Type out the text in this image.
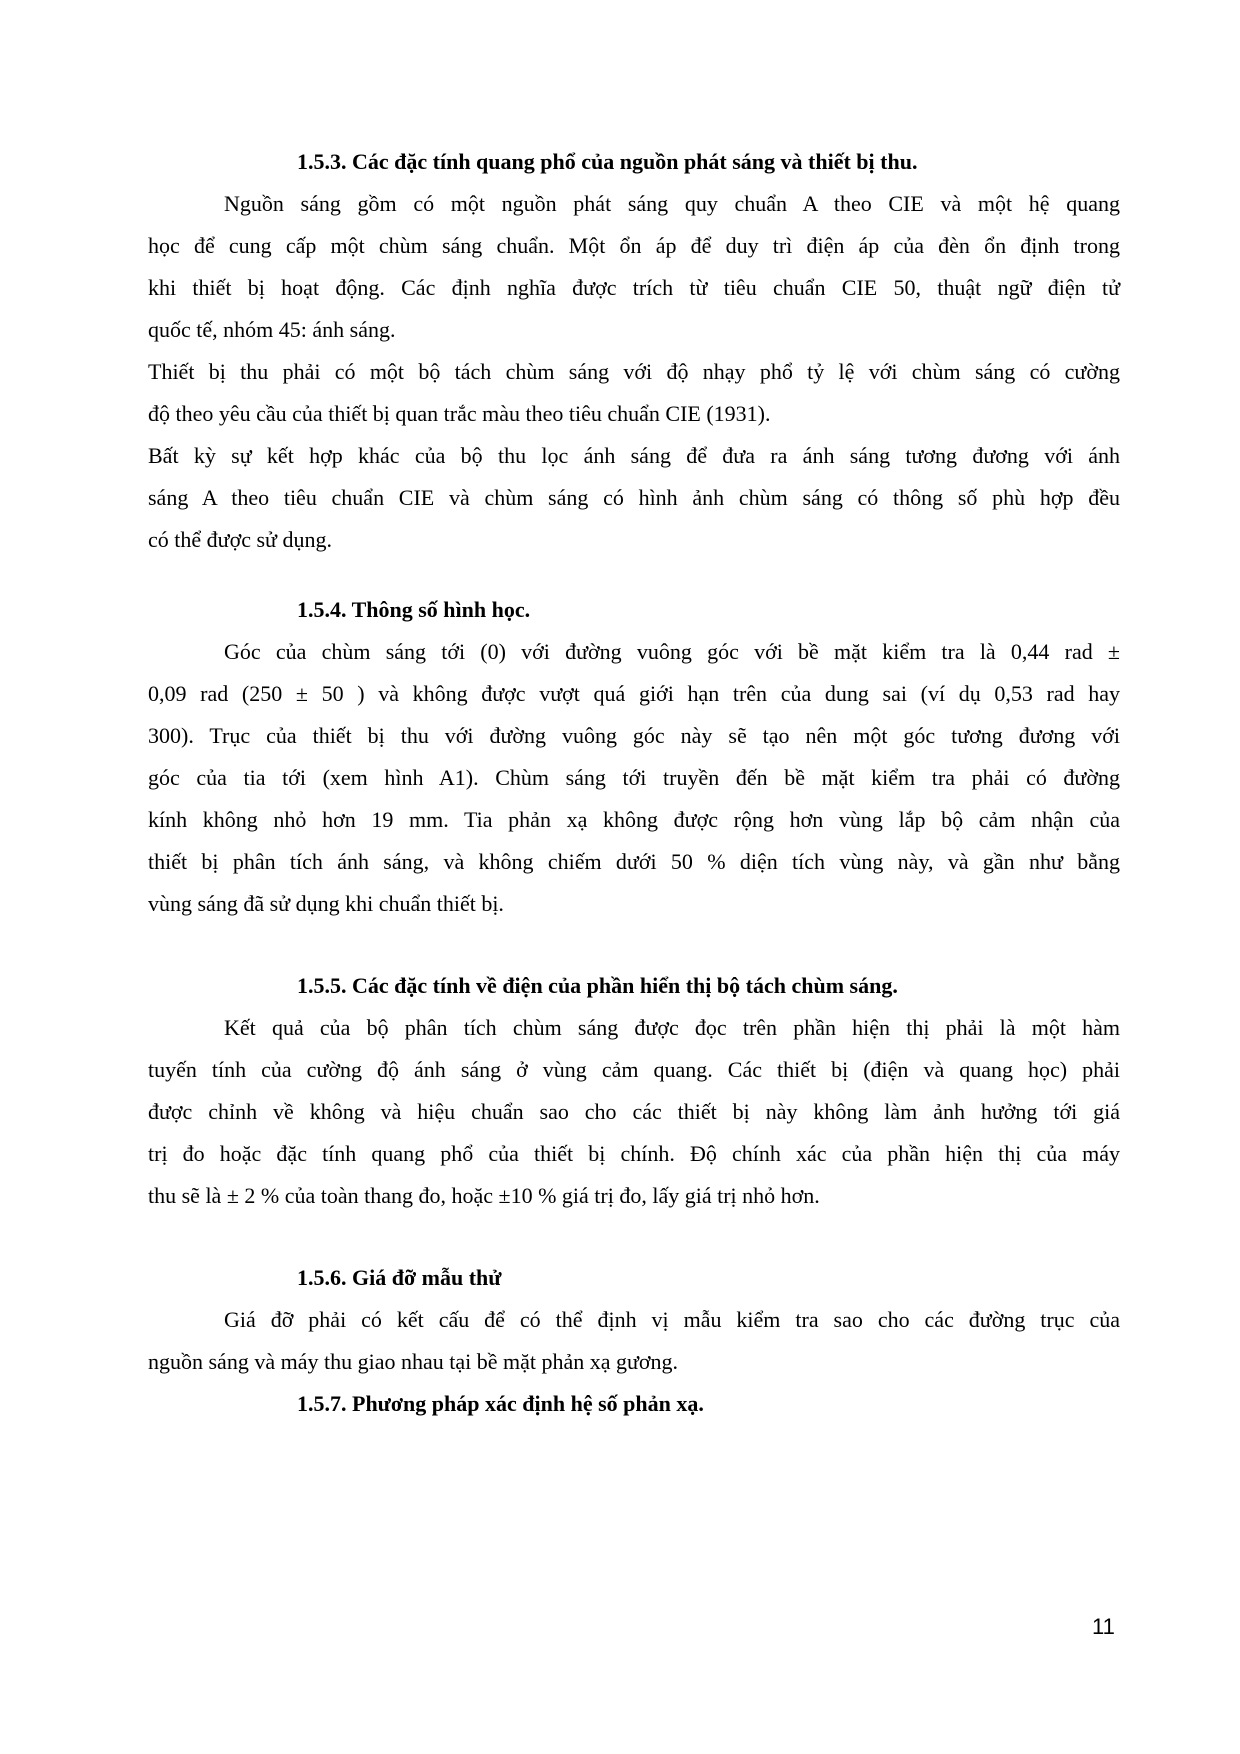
1.5.3. Các đặc tính quang phổ của nguồn phát sáng và thiết bị thu.
Nguồn sáng gồm có một nguồn phát sáng quy chuẩn A theo CIE và một hệ quang
học để cung cấp một chùm sáng chuẩn. Một ổn áp để duy trì điện áp của đèn ổn định trong
khi thiết bị hoạt động. Các định nghĩa được trích từ tiêu chuẩn CIE 50, thuật ngữ điện tử
quốc tế, nhóm 45: ánh sáng.
Thiết bị thu phải có một bộ tách chùm sáng với độ nhạy phổ tỷ lệ với chùm sáng có cường
độ theo yêu cầu của thiết bị quan trắc màu theo tiêu chuẩn CIE (1931).
Bất kỳ sự kết hợp khác của bộ thu lọc ánh sáng để đưa ra ánh sáng tương đương với ánh
sáng A theo tiêu chuẩn CIE và chùm sáng có hình ảnh chùm sáng có thông số phù hợp đều
có thể được sử dụng.
1.5.4. Thông số hình học.
Góc của chùm sáng tới (0) với đường vuông góc với bề mặt kiểm tra là 0,44 rad ±
0,09 rad (250 ± 50 ) và không được vượt quá giới hạn trên của dung sai (ví dụ 0,53 rad hay
300). Trục của thiết bị thu với đường vuông góc này sẽ tạo nên một góc tương đương với
góc của tia tới (xem hình A1). Chùm sáng tới truyền đến bề mặt kiểm tra phải có đường
kính không nhỏ hơn 19 mm. Tia phản xạ không được rộng hơn vùng lắp bộ cảm nhận của
thiết bị phân tích ánh sáng, và không chiếm dưới 50 % diện tích vùng này, và gần như bằng
vùng sáng đã sử dụng khi chuẩn thiết bị.
1.5.5. Các đặc tính về điện của phần hiển thị bộ tách chùm sáng.
Kết quả của bộ phân tích chùm sáng được đọc trên phần hiện thị phải là một hàm
tuyến tính của cường độ ánh sáng ở vùng cảm quang. Các thiết bị (điện và quang học) phải
được chỉnh về không và hiệu chuẩn sao cho các thiết bị này không làm ảnh hưởng tới giá
trị đo hoặc đặc tính quang phổ của thiết bị chính. Độ chính xác của phần hiện thị của máy
thu sẽ là ± 2 % của toàn thang đo, hoặc ±10 % giá trị đo, lấy giá trị nhỏ hơn.
1.5.6. Giá đỡ mẫu thử
Giá đỡ phải có kết cấu để có thể định vị mẫu kiểm tra sao cho các đường trục của
nguồn sáng và máy thu giao nhau tại bề mặt phản xạ gương.
1.5.7. Phương pháp xác định hệ số phản xạ.
11
